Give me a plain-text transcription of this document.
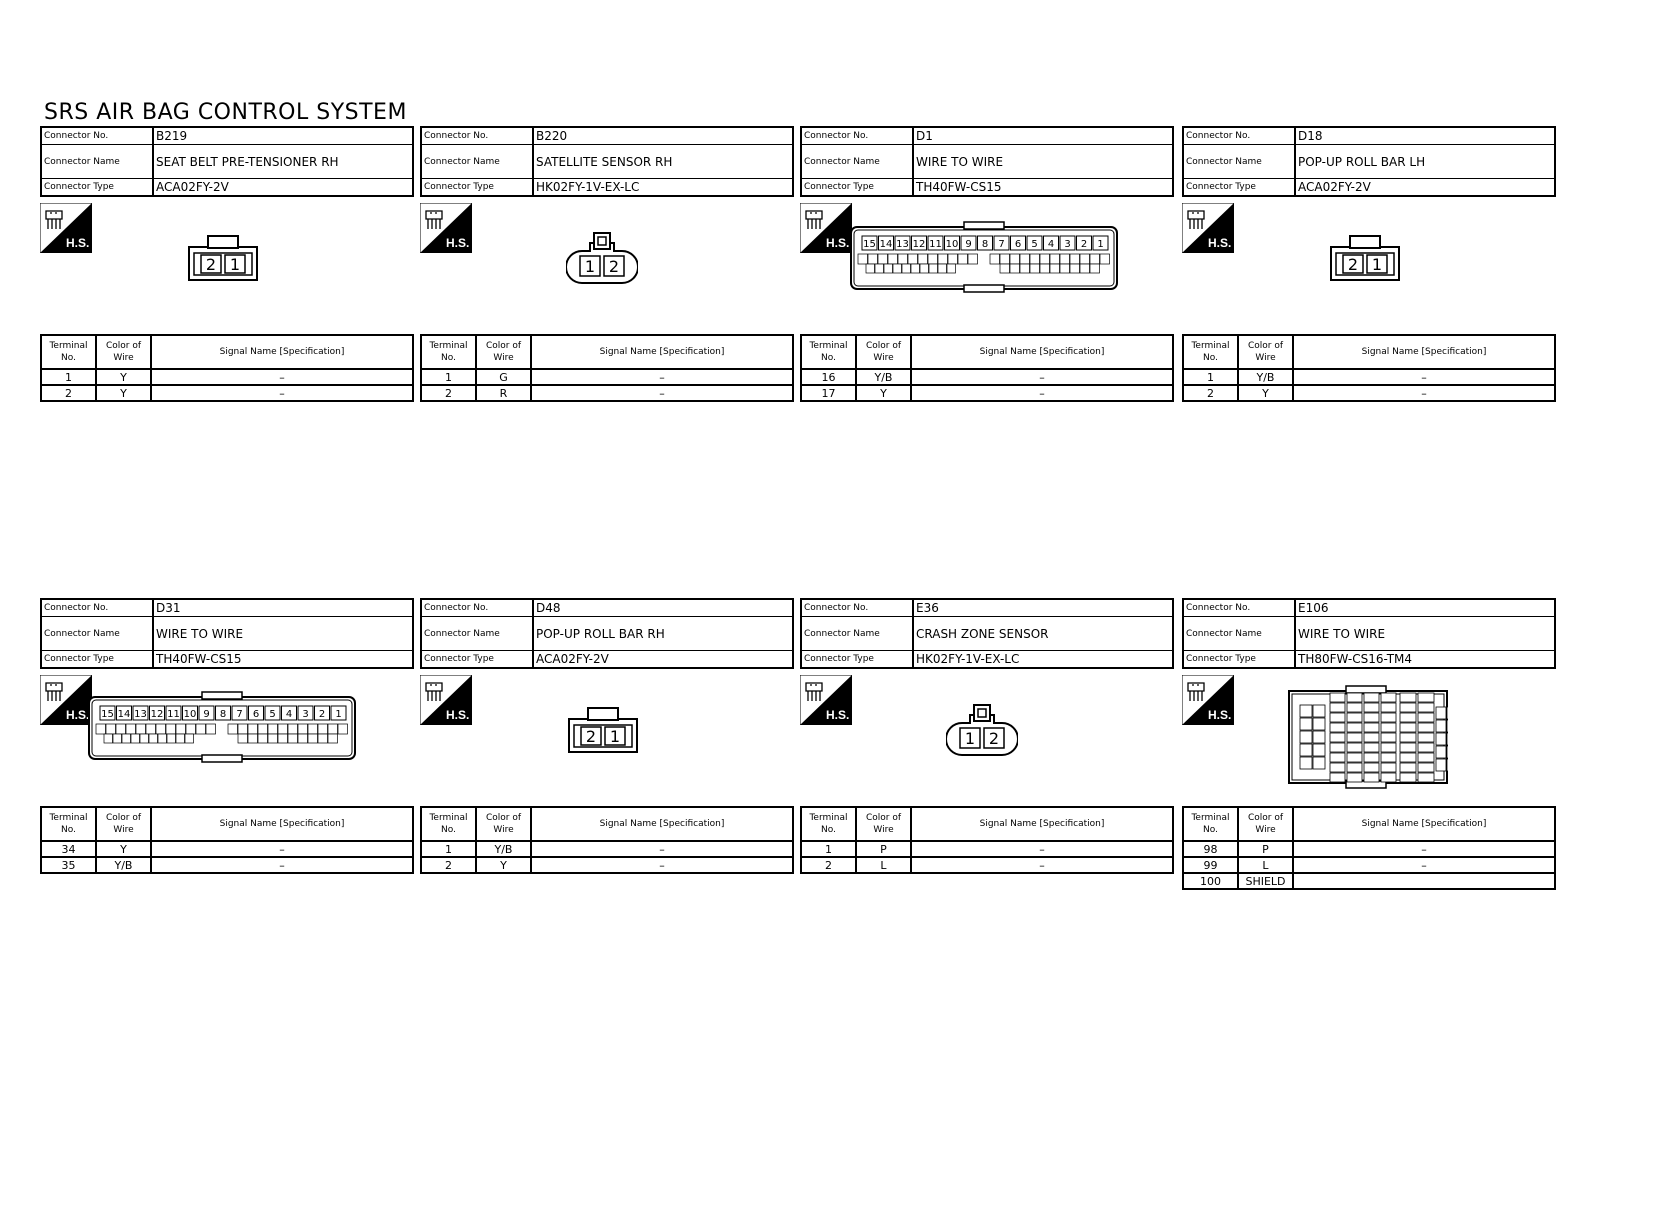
SRS AIR BAG CONTROL SYSTEM
Connector No.	B219
Connector Name	SEAT BELT PRE-TENSIONER RH
Connector Type	ACA02FY-2V
H.S.
2 1
Terminal No.	Color of Wire	Signal Name [Specification]
1	Y	–
2	Y	–
Connector No.	B220
Connector Name	SATELLITE SENSOR RH
Connector Type	HK02FY-1V-EX-LC
H.S.
1 2
Terminal No.	Color of Wire	Signal Name [Specification]
1	G	–
2	R	–
Connector No.	D1
Connector Name	WIRE TO WIRE
Connector Type	TH40FW-CS15
H.S. 15 14 13 12 11 10 9 8 7 6 5 4 3 2 1
Terminal No.	Color of Wire	Signal Name [Specification]
16	Y/B	–
17	Y	–
Connector No.	D18
Connector Name	POP-UP ROLL BAR LH
Connector Type	ACA02FY-2V
H.S.
2 1
Terminal No.	Color of Wire	Signal Name [Specification]
1	Y/B	–
2	Y	–
Connector No.	D31
Connector Name	WIRE TO WIRE
Connector Type	TH40FW-CS15
H.S. 15 14 13 12 11 10 9 8 7 6 5 4 3 2 1
Terminal No.	Color of Wire	Signal Name [Specification]
34	Y	–
35	Y/B	–
Connector No.	D48
Connector Name	POP-UP ROLL BAR RH
Connector Type	ACA02FY-2V
H.S.
2 1
Terminal No.	Color of Wire	Signal Name [Specification]
1	Y/B	–
2	Y	–
Connector No.	E36
Connector Name	CRASH ZONE SENSOR
Connector Type	HK02FY-1V-EX-LC
H.S.
1 2
Terminal No.	Color of Wire	Signal Name [Specification]
1	P	–
2	L	–
Connector No.	E106
Connector Name	WIRE TO WIRE
Connector Type	TH80FW-CS16-TM4
H.S.
Terminal No.	Color of Wire	Signal Name [Specification]
98	P	–
99	L	–
100	SHIELD	
